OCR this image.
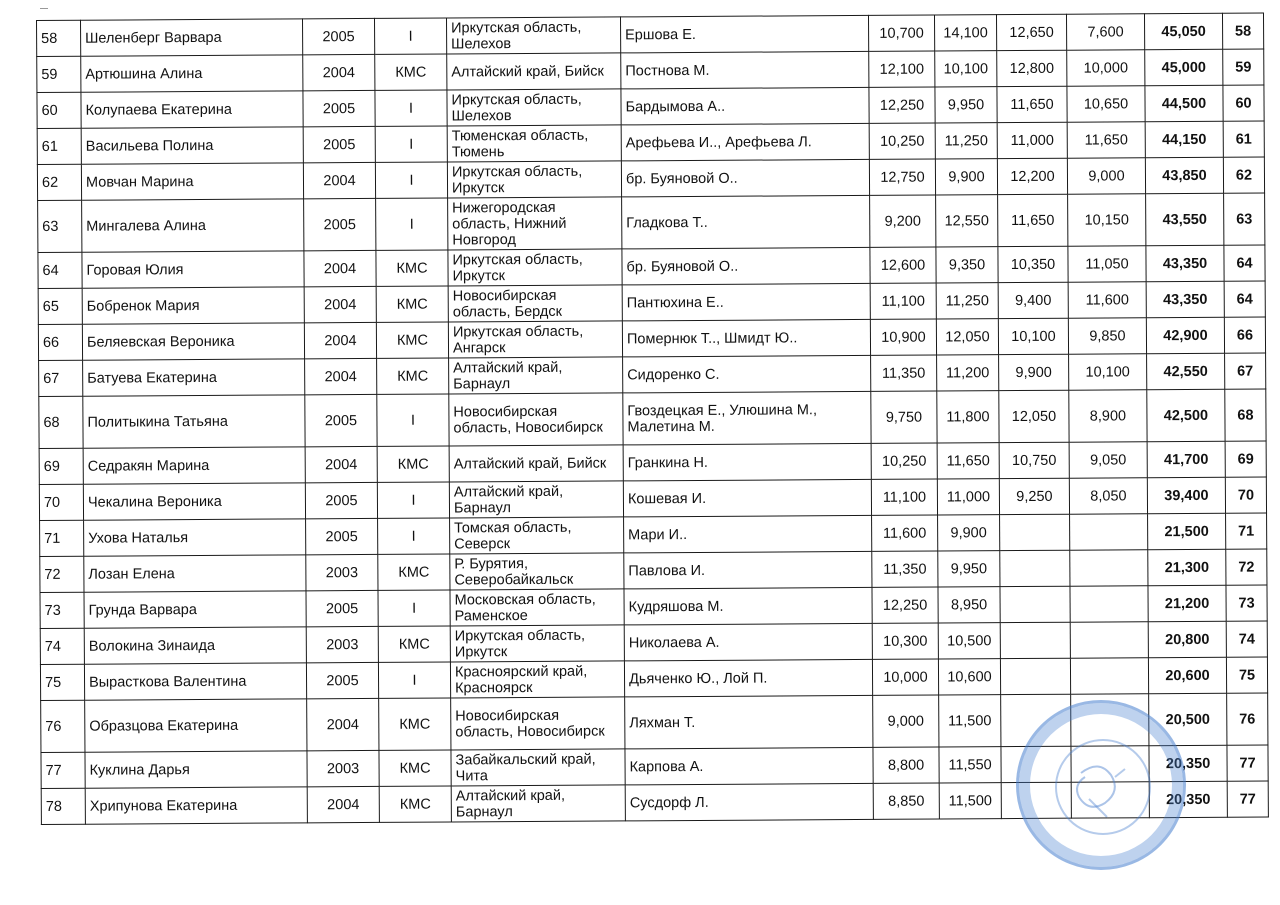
58	Шеленберг Варвара	2005	I	Иркутская область, Шелехов	Ершова Е.	10,700	14,100	12,650	7,600	45,050	58
59	Артюшина Алина	2004	КМС	Алтайский край, Бийск	Постнова М.	12,100	10,100	12,800	10,000	45,000	59
60	Колупаева Екатерина	2005	I	Иркутская область, Шелехов	Бардымова А..	12,250	9,950	11,650	10,650	44,500	60
61	Васильева Полина	2005	I	Тюменская область, Тюмень	Арефьева И.., Арефьева Л.	10,250	11,250	11,000	11,650	44,150	61
62	Мовчан Марина	2004	I	Иркутская область, Иркутск	бр. Буяновой О..	12,750	9,900	12,200	9,000	43,850	62
63	Мингалева Алина	2005	I	Нижегородская область, Нижний Новгород	Гладкова Т..	9,200	12,550	11,650	10,150	43,550	63
64	Горовая Юлия	2004	КМС	Иркутская область, Иркутск	бр. Буяновой О..	12,600	9,350	10,350	11,050	43,350	64
65	Бобренок Мария	2004	КМС	Новосибирская область, Бердск	Пантюхина Е..	11,100	11,250	9,400	11,600	43,350	64
66	Беляевская Вероника	2004	КМС	Иркутская область, Ангарск	Помернюк Т.., Шмидт Ю..	10,900	12,050	10,100	9,850	42,900	66
67	Батуева Екатерина	2004	КМС	Алтайский край, Барнаул	Сидоренко С.	11,350	11,200	9,900	10,100	42,550	67
68	Политыкина Татьяна	2005	I	Новосибирская область, Новосибирск	Гвоздецкая Е., Улюшина М., Малетина М.	9,750	11,800	12,050	8,900	42,500	68
69	Седракян Марина	2004	КМС	Алтайский край, Бийск	Гранкина Н.	10,250	11,650	10,750	9,050	41,700	69
70	Чекалина Вероника	2005	I	Алтайский край, Барнаул	Кошевая И.	11,100	11,000	9,250	8,050	39,400	70
71	Ухова Наталья	2005	I	Томская область, Северск	Мари И..	11,600	9,900			21,500	71
72	Лозан Елена	2003	КМС	Р. Бурятия, Северобайкальск	Павлова И.	11,350	9,950			21,300	72
73	Грунда Варвара	2005	I	Московская область, Раменское	Кудряшова М.	12,250	8,950			21,200	73
74	Волокина Зинаида	2003	КМС	Иркутская область, Иркутск	Николаева А.	10,300	10,500			20,800	74
75	Вырасткова Валентина	2005	I	Красноярский край, Красноярск	Дьяченко Ю., Лой П.	10,000	10,600			20,600	75
76	Образцова Екатерина	2004	КМС	Новосибирская область, Новосибирск	Ляхман Т.	9,000	11,500			20,500	76
77	Куклина Дарья	2003	КМС	Забайкальский край, Чита	Карпова А.	8,800	11,550			20,350	77
78	Хрипунова Екатерина	2004	КМС	Алтайский край, Барнаул	Сусдорф Л.	8,850	11,500			20,350	77
